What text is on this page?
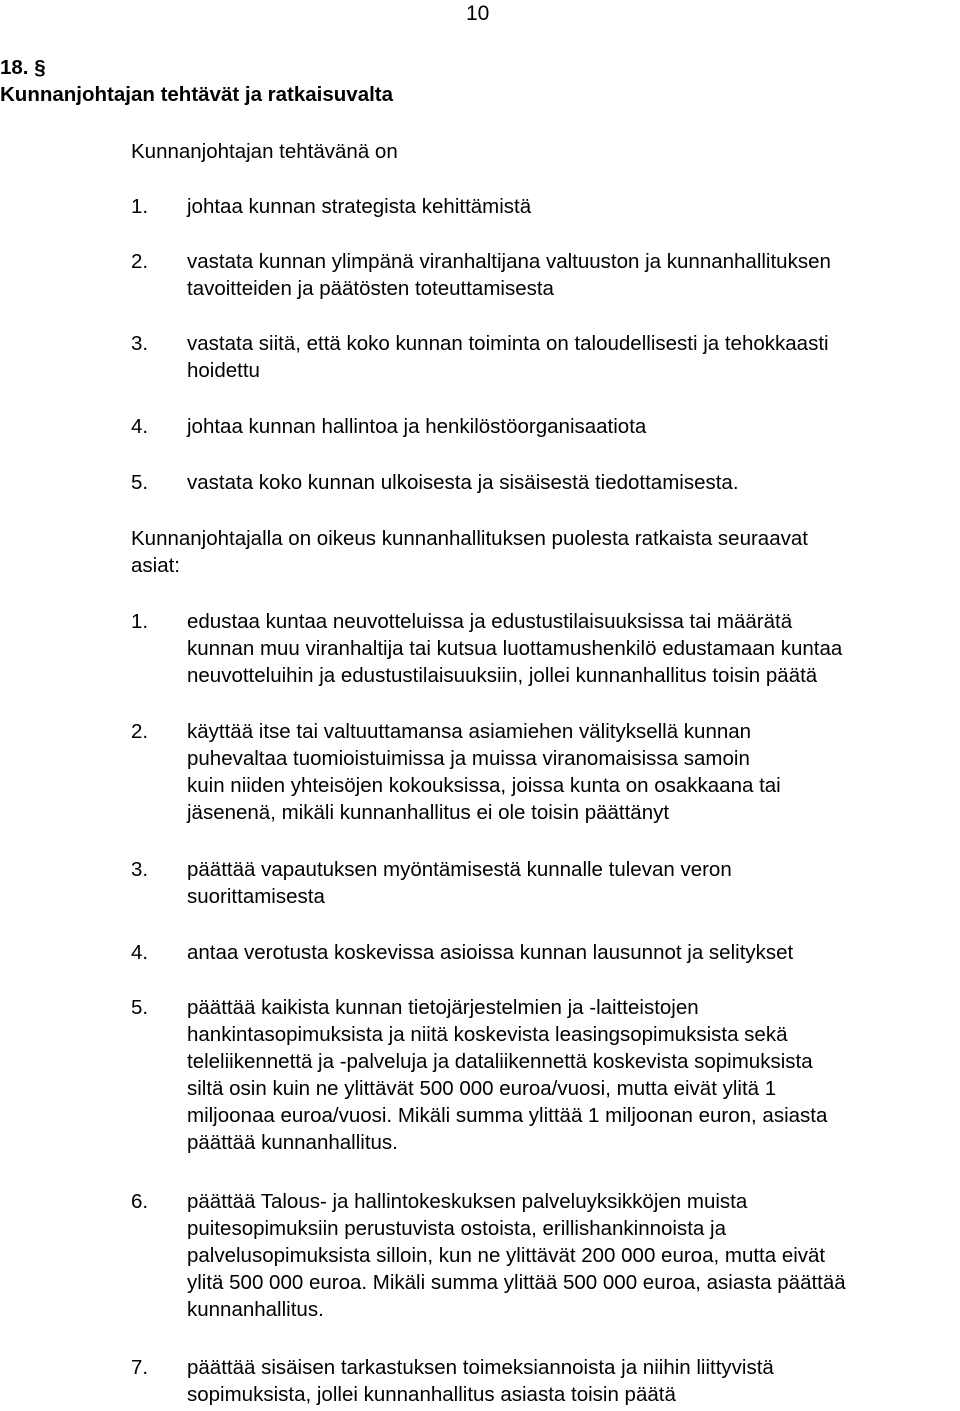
10
18. §
Kunnanjohtajan tehtävät ja ratkaisuvalta
Kunnanjohtajan tehtävänä on
1. johtaa kunnan strategista kehittämistä
2. vastata kunnan ylimpänä viranhaltijana valtuuston ja kunnanhallituksen
tavoitteiden ja päätösten toteuttamisesta
3. vastata siitä, että koko kunnan toiminta on taloudellisesti ja tehokkaasti
hoidettu
4. johtaa kunnan hallintoa ja henkilöstöorganisaatiota
5. vastata koko kunnan ulkoisesta ja sisäisestä tiedottamisesta.
Kunnanjohtajalla on oikeus kunnanhallituksen puolesta ratkaista seuraavat
asiat:
1. edustaa kuntaa neuvotteluissa ja edustustilaisuuksissa tai määrätä
kunnan muu viranhaltija tai kutsua luottamushenkilö edustamaan kuntaa
neuvotteluihin ja edustustilaisuuksiin, jollei kunnanhallitus toisin päätä
2. käyttää itse tai valtuuttamansa asiamiehen välityksellä kunnan
puhevaltaa tuomioistuimissa ja muissa viranomaisissa samoin
kuin niiden yhteisöjen kokouksissa, joissa kunta on osakkaana tai
jäsenenä, mikäli kunnanhallitus ei ole toisin päättänyt
3. päättää vapautuksen myöntämisestä kunnalle tulevan veron
suorittamisesta
4. antaa verotusta koskevissa asioissa kunnan lausunnot ja selitykset
5. päättää kaikista kunnan tietojärjestelmien ja -laitteistojen
hankintasopimuksista ja niitä koskevista leasingsopimuksista sekä
teleliikennettä ja -palveluja ja dataliikennettä koskevista sopimuksista
siltä osin kuin ne ylittävät 500 000 euroa/vuosi, mutta eivät ylitä 1
miljoonaa euroa/vuosi. Mikäli summa ylittää 1 miljoonan euron, asiasta
päättää kunnanhallitus.
6. päättää Talous- ja hallintokeskuksen palveluyksikköjen muista
puitesopimuksiin perustuvista ostoista, erillishankinnoista ja
palvelusopimuksista silloin, kun ne ylittävät 200 000 euroa, mutta eivät
ylitä 500 000 euroa. Mikäli summa ylittää 500 000 euroa, asiasta päättää
kunnanhallitus.
7. päättää sisäisen tarkastuksen toimeksiannoista ja niihin liittyvistä
sopimuksista, jollei kunnanhallitus asiasta toisin päätä
